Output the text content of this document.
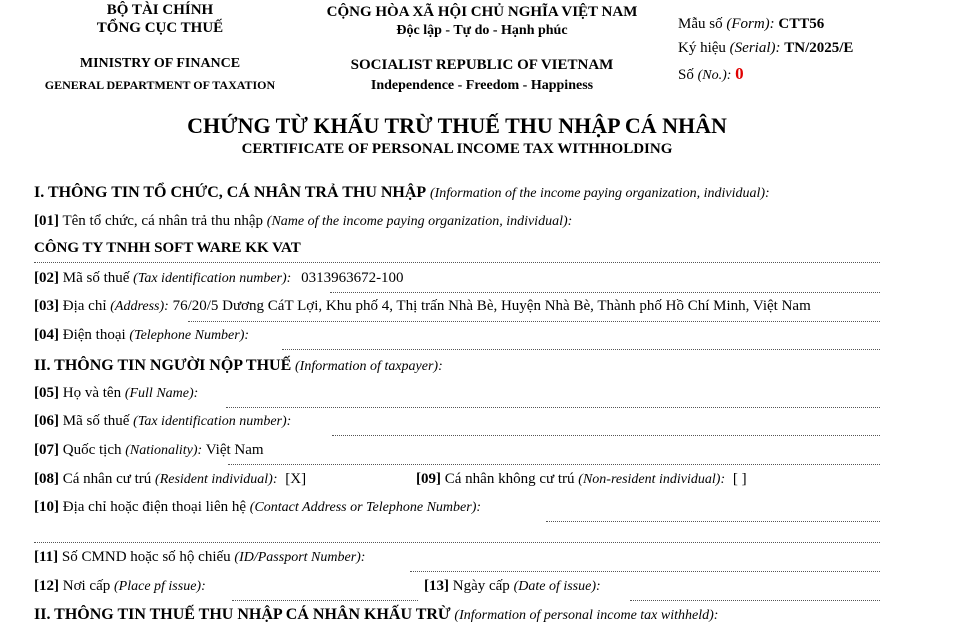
BỘ TÀI CHÍNH
TỔNG CỤC THUẾ
MINISTRY OF FINANCE
GENERAL DEPARTMENT OF TAXATION
CỘNG HÒA XÃ HỘI CHỦ NGHĨA VIỆT NAM
Độc lập - Tự do - Hạnh phúc
SOCIALIST REPUBLIC OF VIETNAM
Independence - Freedom - Happiness
Mẫu số (Form): CTT56
Ký hiệu (Serial): TN/2025/E
Số (No.): 0
CHỨNG TỪ KHẤU TRỪ THUẾ THU NHẬP CÁ NHÂN
CERTIFICATE OF PERSONAL INCOME TAX WITHHOLDING
I. THÔNG TIN TỔ CHỨC, CÁ NHÂN TRẢ THU NHẬP (Information of the income paying organization, individual):
[01] Tên tổ chức, cá nhân trả thu nhập (Name of the income paying organization, individual):
CÔNG TY TNHH SOFT WARE KK VAT
[02] Mã số thuế (Tax identification number): 0313963672-100
[03] Địa chỉ (Address): 76/20/5 Dương CáT Lợi, Khu phố 4, Thị trấn Nhà Bè, Huyện Nhà Bè, Thành phố Hồ Chí Minh, Việt Nam
[04] Điện thoại (Telephone Number):
II. THÔNG TIN NGƯỜI NỘP THUẾ (Information of taxpayer):
[05] Họ và tên (Full Name):
[06] Mã số thuế (Tax identification number):
[07] Quốc tịch (Nationality): Việt Nam
[08] Cá nhân cư trú (Resident individual): [X]	[09] Cá nhân không cư trú (Non-resident individual): [ ]
[10] Địa chỉ hoặc điện thoại liên hệ (Contact Address or Telephone Number):
[11] Số CMND hoặc số hộ chiếu (ID/Passport Number):
[12] Nơi cấp (Place pf issue):	[13] Ngày cấp (Date of issue):
II. THÔNG TIN THUẾ THU NHẬP CÁ NHÂN KHẤU TRỪ (Information of personal income tax withheld):
